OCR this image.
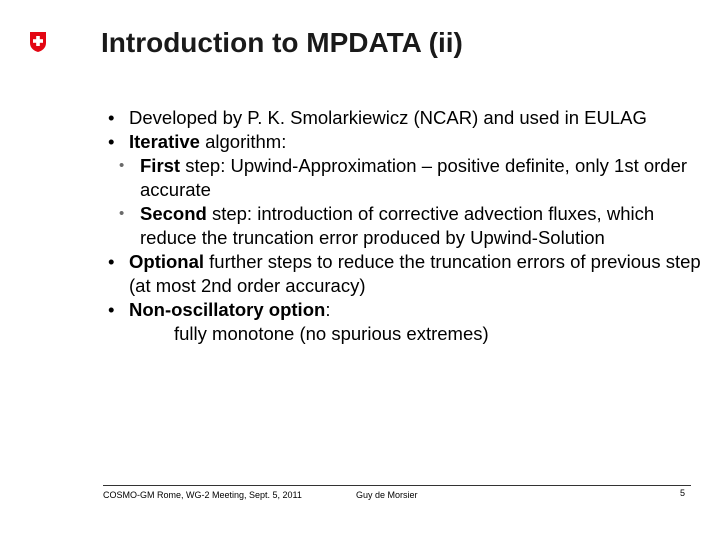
Introduction to MPDATA (ii)
• Developed by P. K. Smolarkiewicz (NCAR) and used in EULAG
• Iterative algorithm:
• First step: Upwind-Approximation – positive definite, only 1st order accurate
• Second step: introduction of corrective advection fluxes, which reduce the truncation error produced by Upwind-Solution
• Optional further steps to reduce the truncation errors of previous step (at most 2nd order accuracy)
• Non-oscillatory option:
fully monotone (no spurious extremes)
COSMO-GM Rome, WG-2 Meeting, Sept. 5, 2011	Guy de Morsier	5
